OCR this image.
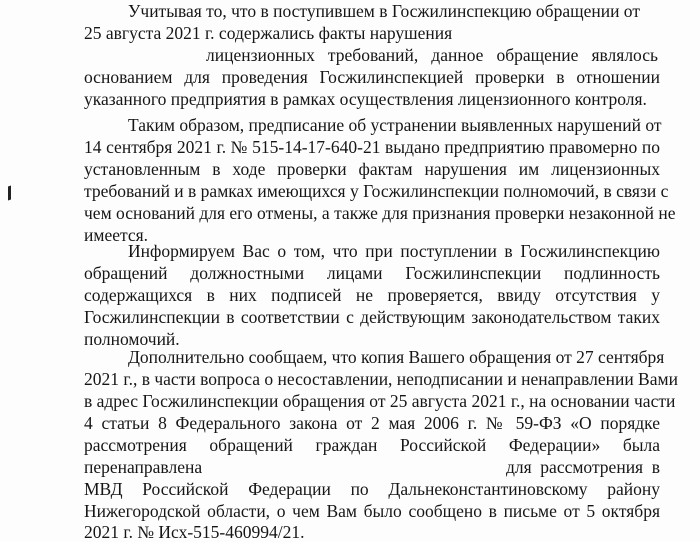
Учитывая то, что в поступившем в Госжилинспекцию обращении от
25 августа 2021 г. содержались факты нарушения
лицензионных требований, данное обращение являлось
основанием для проведения Госжилинспекцией проверки в отношении
указанного предприятия в рамках осуществления лицензионного контроля.
Таким образом, предписание об устранении выявленных нарушений от
14 сентября 2021 г. № 515-14-17-640-21 выдано предприятию правомерно по
установленным в ходе проверки фактам нарушения им лицензионных
требований и в рамках имеющихся у Госжилинспекции полномочий, в связи с
чем оснований для его отмены, а также для признания проверки незаконной не
имеется.
Информируем Вас о том, что при поступлении в Госжилинспекцию
обращений должностными лицами Госжилинспекции подлинность
содержащихся в них подписей не проверяется, ввиду отсутствия у
Госжилинспекции в соответствии с действующим законодательством таких
полномочий.
Дополнительно сообщаем, что копия Вашего обращения от 27 сентября
2021 г., в части вопроса о несоставлении, неподписании и ненаправлении Вами
в адрес Госжилинспекции обращения от 25 августа 2021 г., на основании части
4 статьи 8 Федерального закона от 2 мая 2006 г. № 59-ФЗ «О порядке
рассмотрения обращений граждан Российской Федерации» была
перенаправлена	для рассмотрения в
МВД Российской Федерации по Дальнеконстантиновскому району
Нижегородской области, о чем Вам было сообщено в письме от 5 октября
2021 г. № Исх-515-460994/21.
